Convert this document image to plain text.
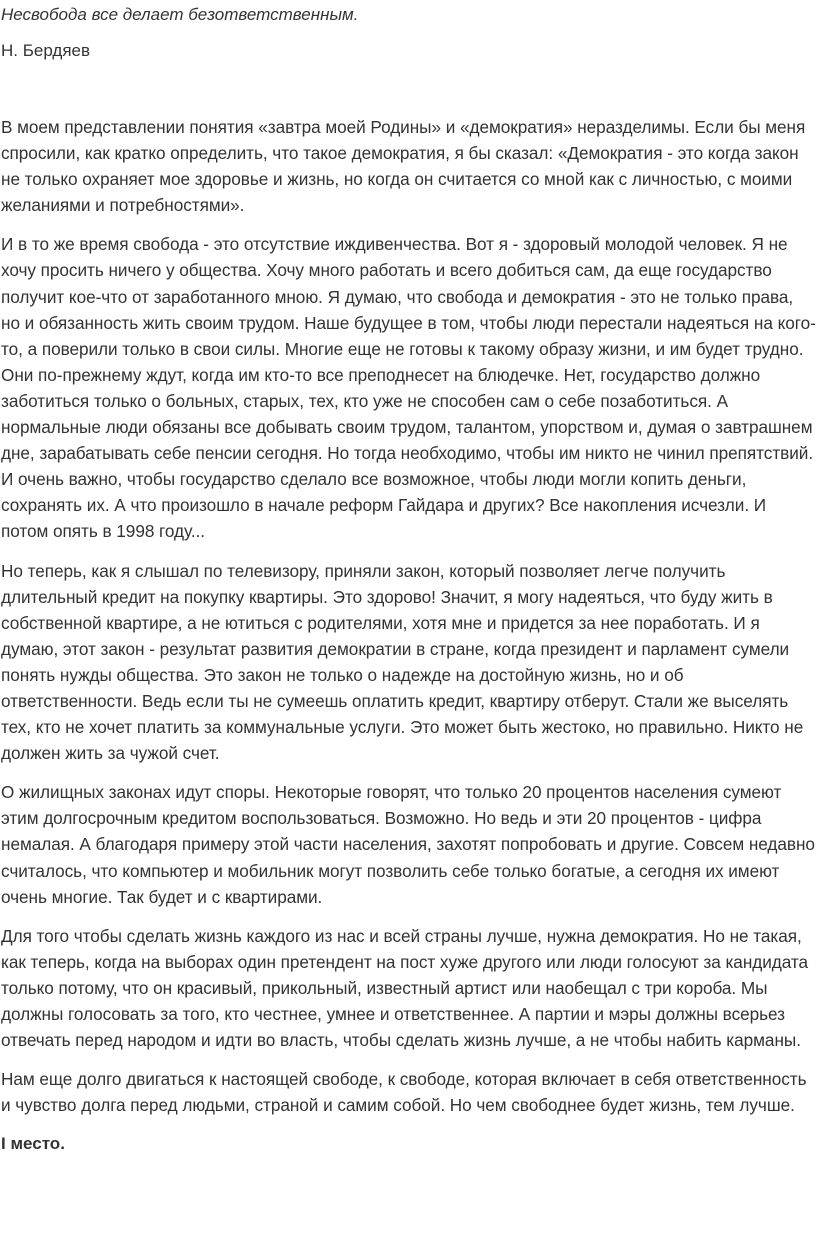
Несвобода все делает безответственным.

Н. Бердяев

В моем представлении понятия «завтра моей Родины» и «демократия» неразделимы. Если бы меня спросили, как кратко определить, что такое демократия, я бы сказал: «Демократия - это когда закон не только охраняет мое здоровье и жизнь, но когда он считается со мной как с личностью, с моими желаниями и потребностями».

И в то же время свобода - это отсутствие иждивенчества. Вот я - здоровый молодой человек. Я не хочу просить ничего у общества. Хочу много работать и всего добиться сам, да еще государство получит кое-что от заработанного мною. Я думаю, что свобода и демократия - это не только права, но и обязанность жить своим трудом. Наше будущее в том, чтобы люди перестали надеяться на кого-то, а поверили только в свои силы. Многие еще не готовы к такому образу жизни, и им будет трудно. Они по-прежнему ждут, когда им кто-то все преподнесет на блюдечке. Нет, государство должно заботиться только о больных, старых, тех, кто уже не способен сам о себе позаботиться. А нормальные люди обязаны все добывать своим трудом, талантом, упорством и, думая о завтрашнем дне, зарабатывать себе пенсии сегодня. Но тогда необходимо, чтобы им никто не чинил препятствий. И очень важно, чтобы государство сделало все возможное, чтобы люди могли копить деньги, сохранять их. А что произошло в начале реформ Гайдара и других? Все накопления исчезли. И потом опять в 1998 году...

Но теперь, как я слышал по телевизору, приняли закон, который позволяет легче получить длительный кредит на покупку квартиры. Это здорово! Значит, я могу надеяться, что буду жить в собственной квартире, а не ютиться с родителями, хотя мне и придется за нее поработать. И я думаю, этот закон - результат развития демократии в стране, когда президент и парламент сумели понять нужды общества. Это закон не только о надежде на достойную жизнь, но и об ответственности. Ведь если ты не сумеешь оплатить кредит, квартиру отберут. Стали же выселять тех, кто не хочет платить за коммунальные услуги. Это может быть жестоко, но правильно. Никто не должен жить за чужой счет.

О жилищных законах идут споры. Некоторые говорят, что только 20 процентов населения сумеют этим долгосрочным кредитом воспользоваться. Возможно. Но ведь и эти 20 процентов - цифра немалая. А благодаря примеру этой части населения, захотят попробовать и другие. Совсем недавно считалось, что компьютер и мобильник могут позволить себе только богатые, а сегодня их имеют очень многие. Так будет и с квартирами.

Для того чтобы сделать жизнь каждого из нас и всей страны лучше, нужна демократия. Но не такая, как теперь, когда на выборах один претендент на пост хуже другого или люди голосуют за кандидата только потому, что он красивый, прикольный, известный артист или наобещал с три короба. Мы должны голосовать за того, кто честнее, умнее и ответственнее. А партии и мэры должны всерьез отвечать перед народом и идти во власть, чтобы сделать жизнь лучше, а не чтобы набить карманы.

Нам еще долго двигаться к настоящей свободе, к свободе, которая включает в себя ответственность и чувство долга перед людьми, страной и самим собой. Но чем свободнее будет жизнь, тем лучше.

I место.
